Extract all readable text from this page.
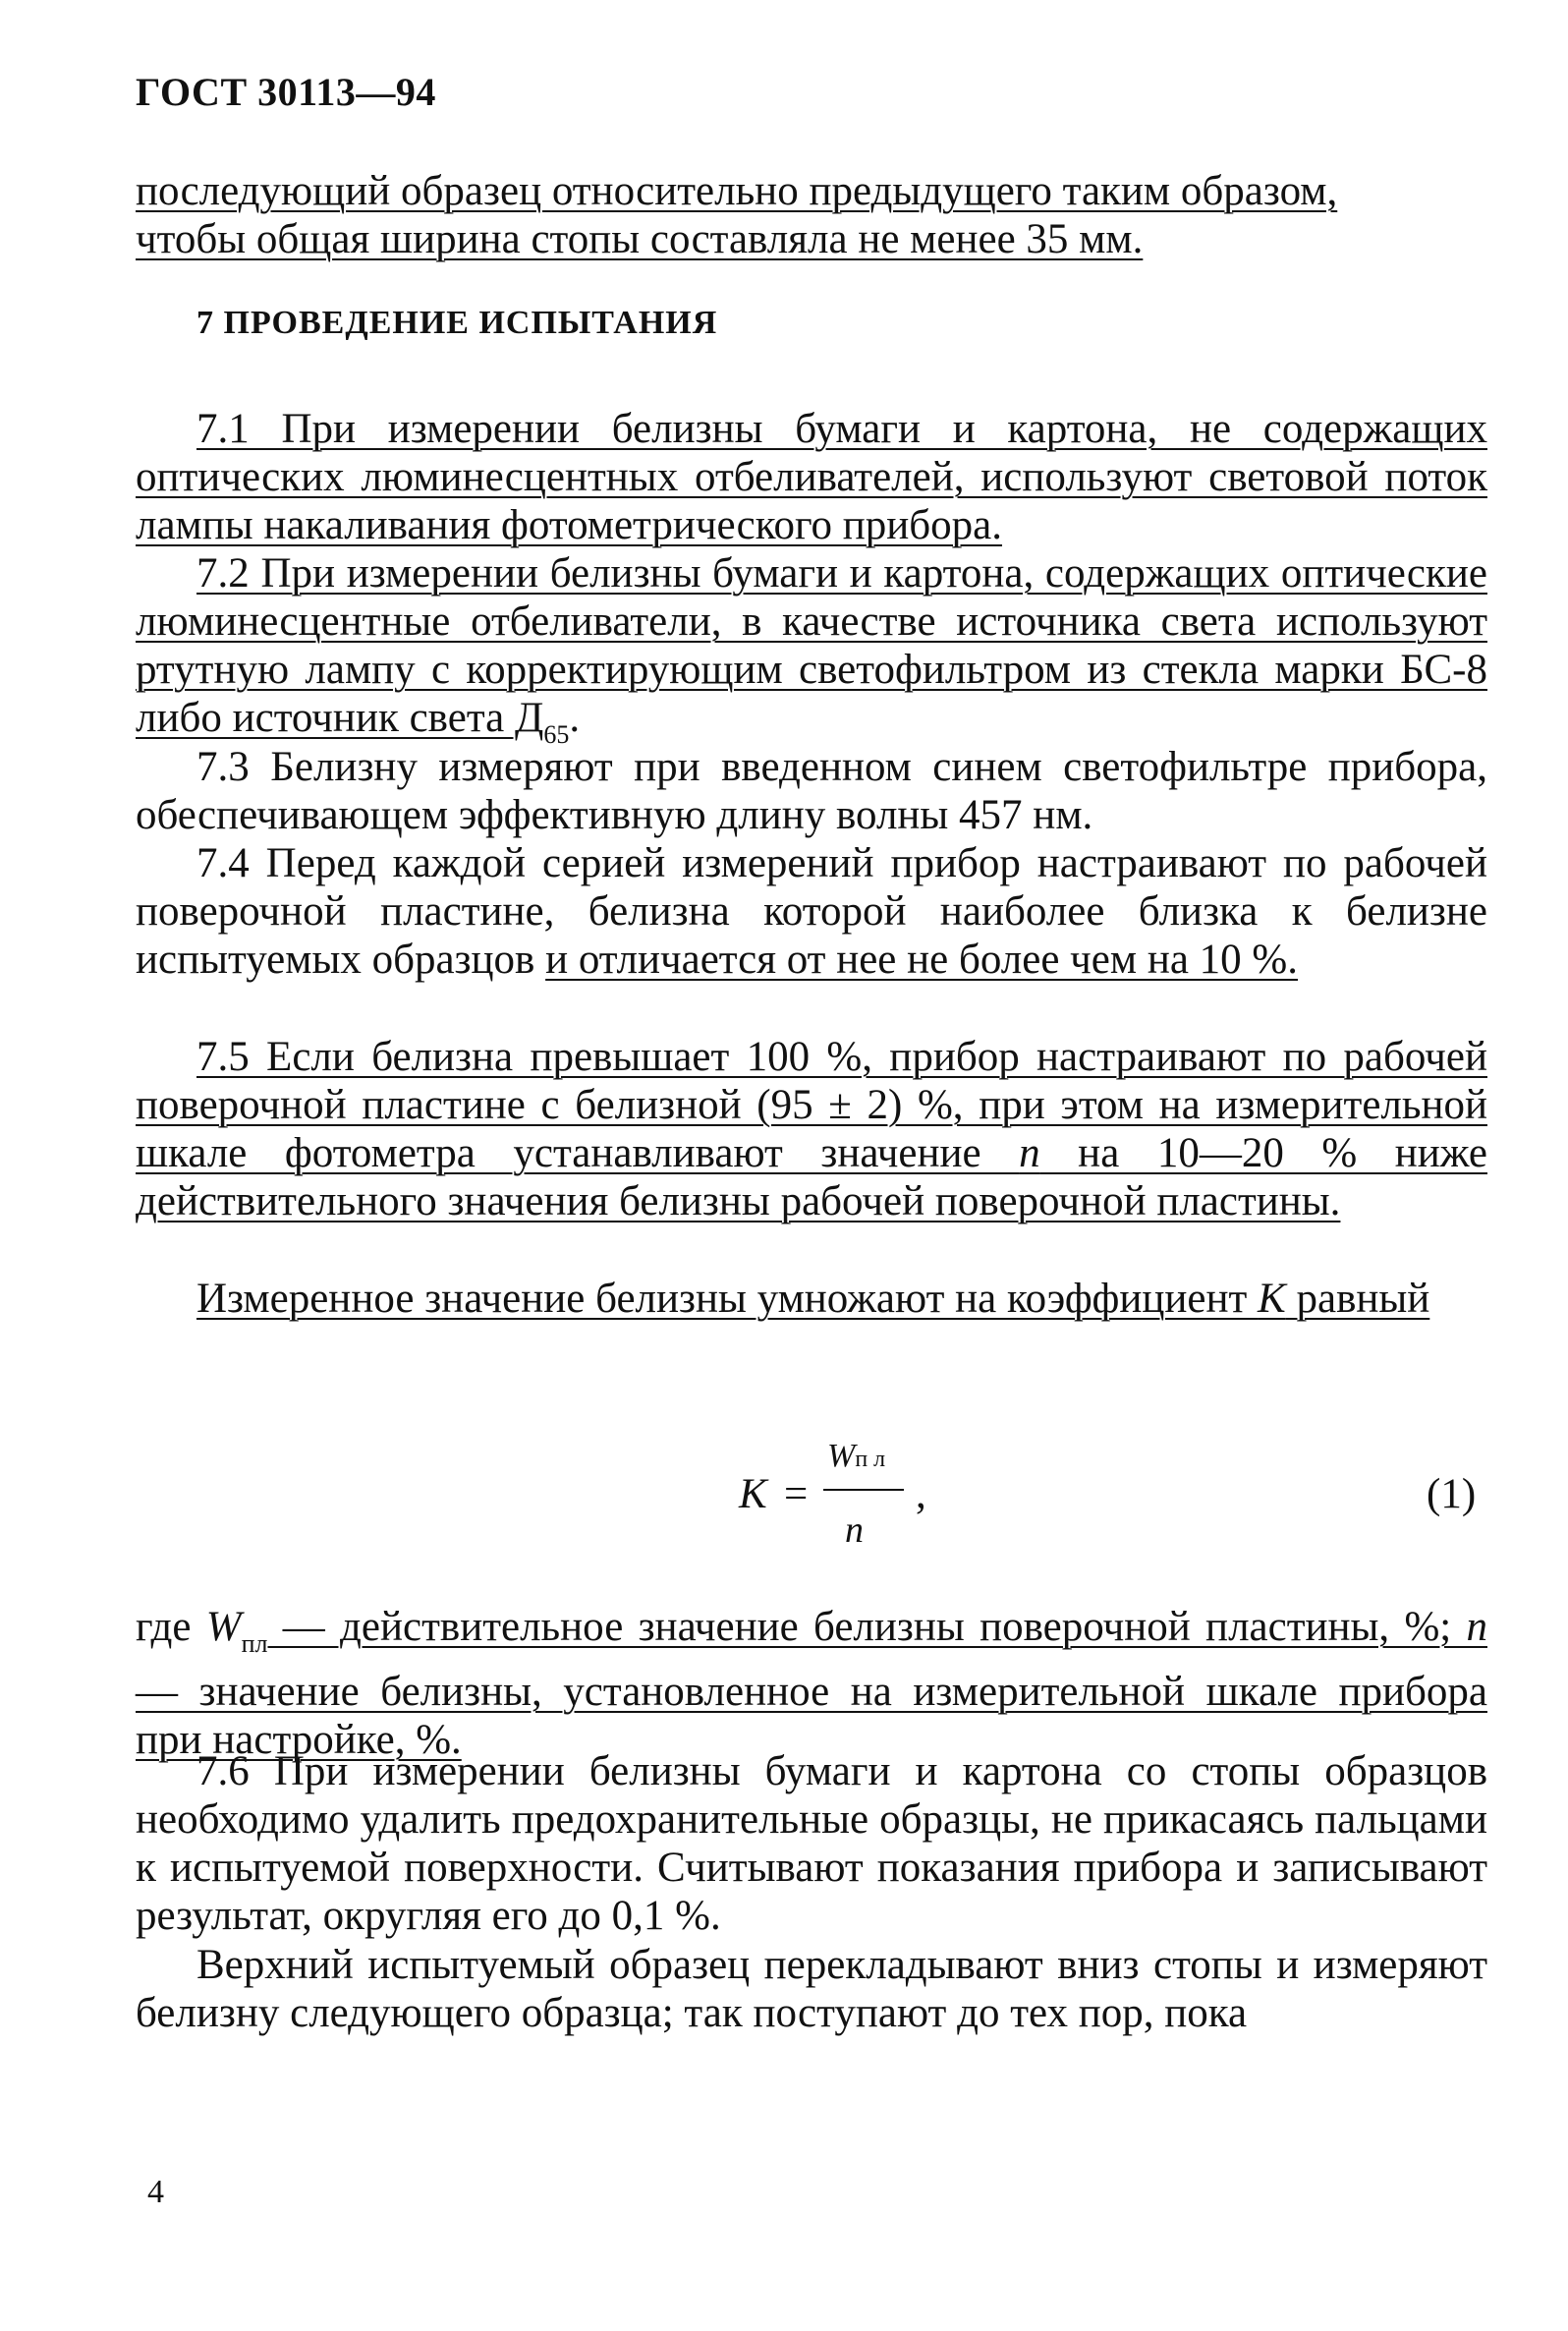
ГОСТ 30113—94
последующий образец относительно предыдущего таким образом,
чтобы общая ширина стопы составляла не менее 35 мм.
7 ПРОВЕДЕНИЕ ИСПЫТАНИЯ
7.1 При измерении белизны бумаги и картона, не содержащих оптических люминесцентных отбеливателей, используют световой поток лампы накаливания фотометрического прибора.
7.2 При измерении белизны бумаги и картона, содержащих оптические люминесцентные отбеливатели, в качестве источника света используют ртутную лампу с корректирующим светофильтром из стекла марки БС-8 либо источник света $Д_{65}$.
7.3 Белизну измеряют при введенном синем светофильтре прибора, обеспечивающем эффективную длину волны 457 нм.
7.4 Перед каждой серией измерений прибор настраивают по рабочей поверочной пластине, белизна которой наиболее близка к белизне испытуемых образцов и отличается от нее не более чем на 10 %.
7.5 Если белизна превышает 100 %, прибор настраивают по рабочей поверочной пластине с белизной (95 ± 2) %, при этом на измерительной шкале фотометра устанавливают значение n на 10—20 % ниже действительного значения белизны рабочей поверочной пластины.
Измеренное значение белизны умножают на коэффициент K равный
K =
Wп л
n
,	(1)
где $W_{пл}$ — действительное значение белизны поверочной пластины, %; n — значение белизны, установленное на измерительной шкале прибора при настройке, %.
7.6 При измерении белизны бумаги и картона со стопы образцов необходимо удалить предохранительные образцы, не прикасаясь пальцами к испытуемой поверхности. Считывают показания прибора и записывают результат, округляя его до 0,1 %.
Верхний испытуемый образец перекладывают вниз стопы и измеряют белизну следующего образца; так поступают до тех пор, пока
4
